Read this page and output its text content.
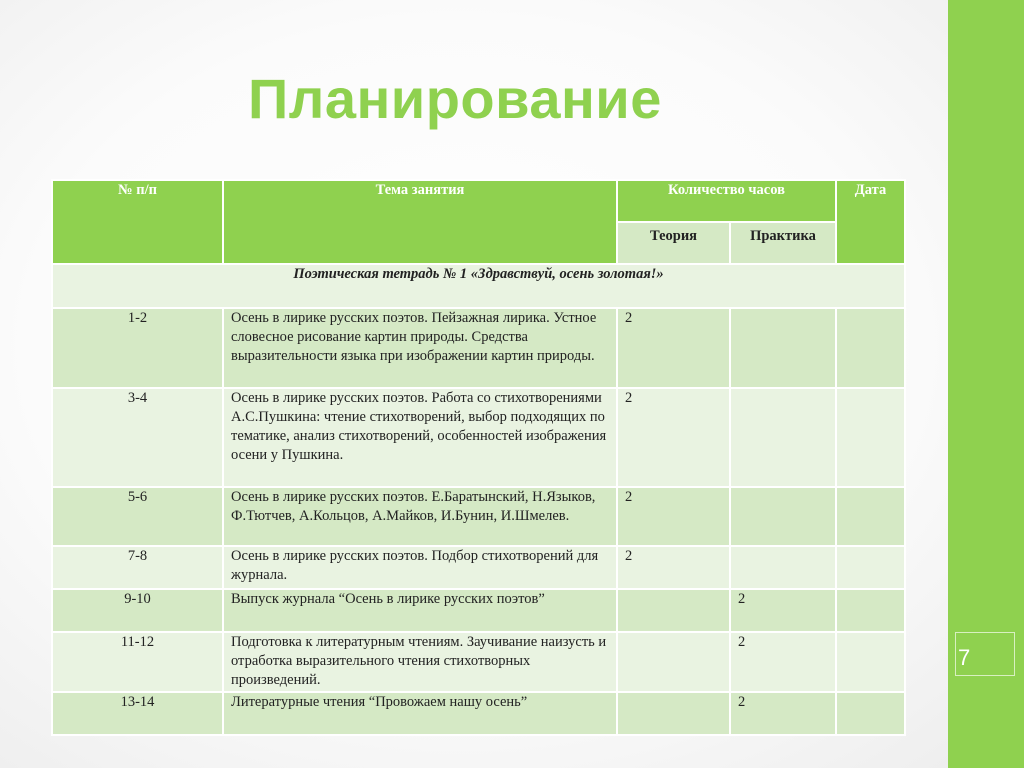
7
Планирование
№ п/п	Тема занятия	Количество часов		Дата
		Теория	Практика	
Поэтическая тетрадь № 1 «Здравствуй, осень золотая!»				
1-2	Осень в лирике русских поэтов. Пейзажная лирика. Устное словесное рисование картин природы. Средства выразительности языка при изображении картин природы.	2		
3-4	Осень в лирике русских поэтов. Работа со стихотворениями А.С.Пушкина: чтение стихотворений, выбор подходящих по тематике, анализ стихотворений, особенностей изображения осени у Пушкина.	2		
5-6	Осень в лирике русских поэтов. Е.Баратынский, Н.Языков, Ф.Тютчев, А.Кольцов, А.Майков, И.Бунин, И.Шмелев.	2		
7-8	Осень в лирике русских поэтов. Подбор стихотворений для журнала.	2		
9-10	Выпуск журнала “Осень в лирике русских поэтов”		2	
11-12	Подготовка к литературным чтениям. Заучивание наизусть и отработка выразительного чтения стихотворных произведений.		2	
13-14	Литературные чтения “Провожаем нашу осень”		2	
